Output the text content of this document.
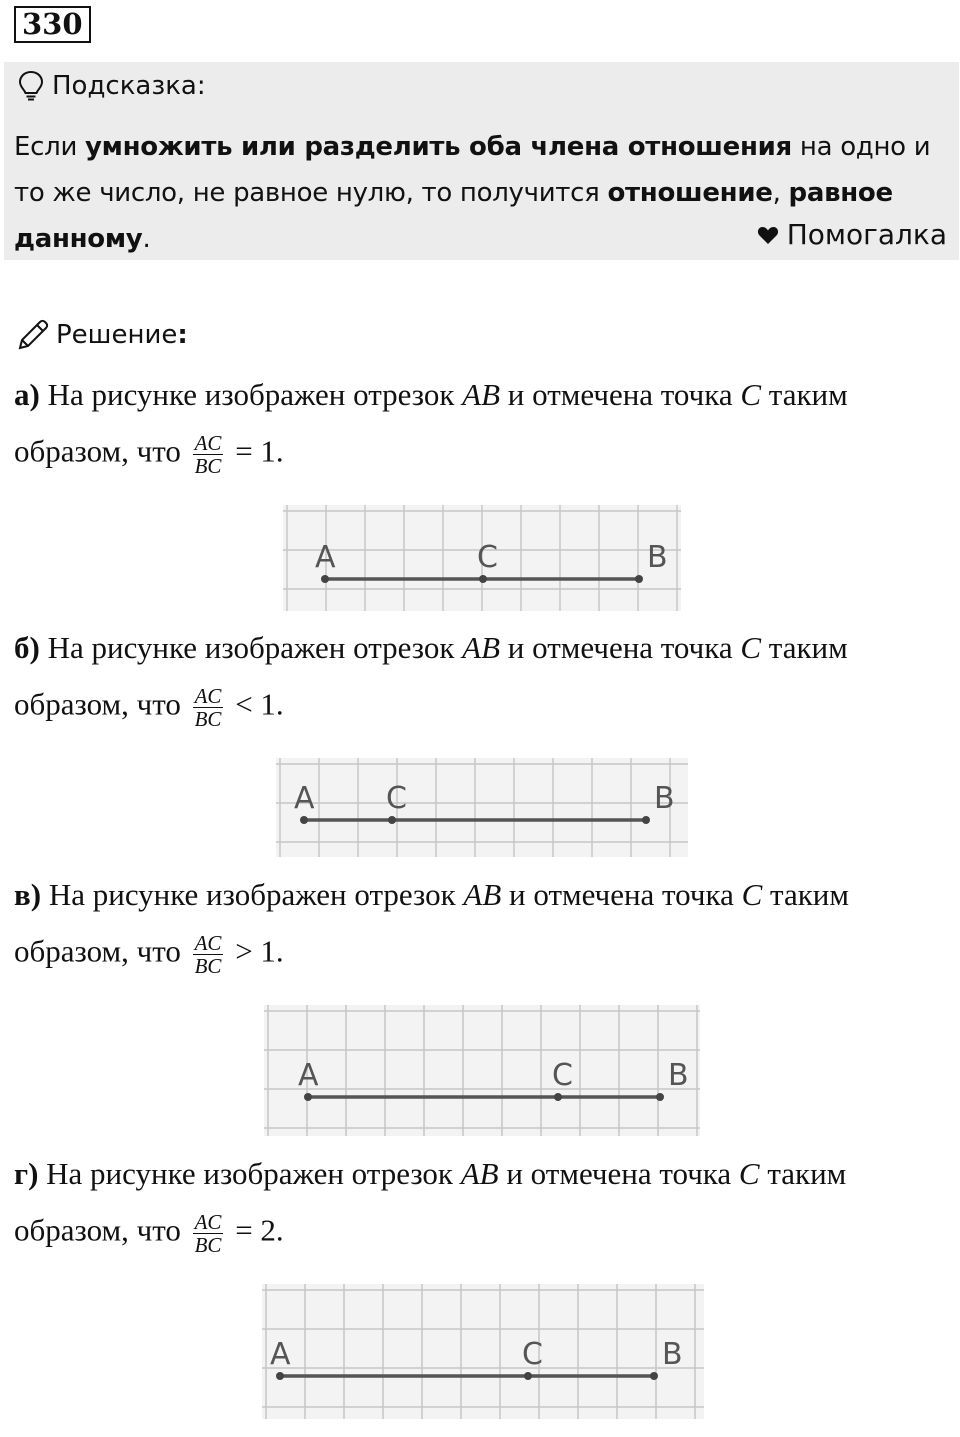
330
Подсказка:
Если умножить или разделить оба члена отношения на одно и то же число, не равное нулю, то получится отношение, равное данному.	Помогалка
Решение :
а) На рисунке изображен отрезок AB и отмечена точка C таким
образом, что $\frac{AC}{BC} = 1$.
A	C	B
б) На рисунке изображен отрезок AB и отмечена точка C таким
образом, что $\frac{AC}{BC} < 1$.
A C	B
в) На рисунке изображен отрезок AB и отмечена точка C таким
образом, что $\frac{AC}{BC} > 1$.
A	C	B
г) На рисунке изображен отрезок AB и отмечена точка C таким
образом, что $\frac{AC}{BC} = 2$.
A	C	B
